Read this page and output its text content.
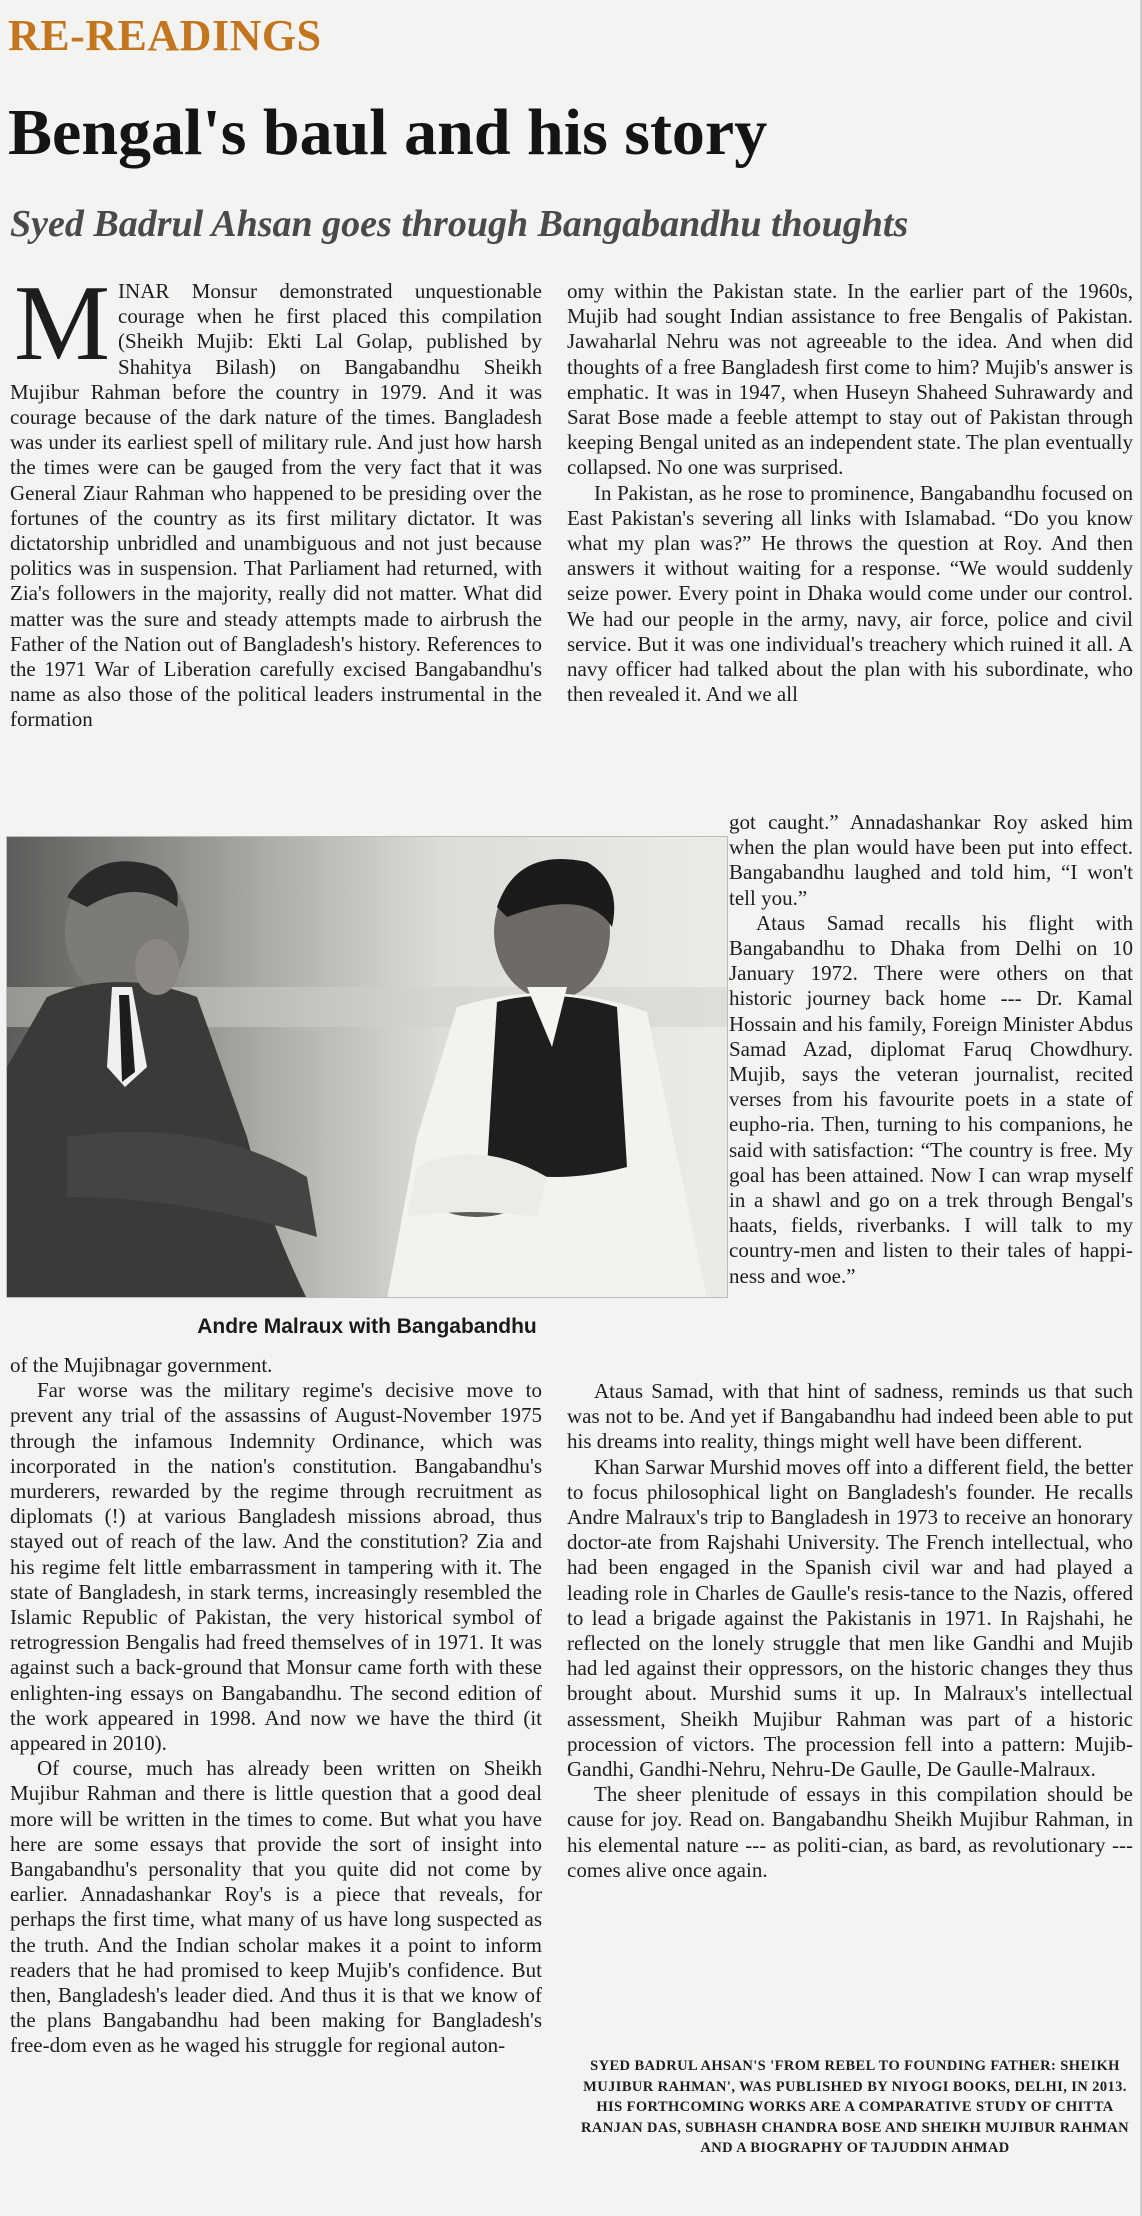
RE-READINGS
Bengal's baul and his story
Syed Badrul Ahsan goes through Bangabandhu thoughts

MINAR Monsur demonstrated unquestionable courage when he first placed this compilation (Sheikh Mujib: Ekti Lal Golap, published by Shahitya Bilash) on Bangabandhu Sheikh Mujibur Rahman before the country in 1979. And it was courage because of the dark nature of the times. Bangladesh was under its earliest spell of military rule. And just how harsh the times were can be gauged from the very fact that it was General Ziaur Rahman who happened to be presiding over the fortunes of the country as its first military dictator. It was dictatorship unbridled and unambiguous and not just because politics was in suspension. That Parliament had returned, with Zia's followers in the majority, really did not matter. What did matter was the sure and steady attempts made to airbrush the Father of the Nation out of Bangladesh's history. References to the 1971 War of Liberation carefully excised Bangabandhu's name as also those of the political leaders instrumental in the formation

omy within the Pakistan state. In the earlier part of the 1960s, Mujib had sought Indian assistance to free Bengalis of Pakistan. Jawaharlal Nehru was not agreeable to the idea. And when did thoughts of a free Bangladesh first come to him? Mujib's answer is emphatic. It was in 1947, when Huseyn Shaheed Suhrawardy and Sarat Bose made a feeble attempt to stay out of Pakistan through keeping Bengal united as an independent state. The plan eventually collapsed. No one was surprised.

In Pakistan, as he rose to prominence, Bangabandhu focused on East Pakistan's severing all links with Islamabad. “Do you know what my plan was?” He throws the question at Roy. And then answers it without waiting for a response. “We would suddenly seize power. Every point in Dhaka would come under our control. We had our people in the army, navy, air force, police and civil service. But it was one individual's treachery which ruined it all. A navy officer had talked about the plan with his subordinate, who then revealed it. And we all

Andre Malraux with Bangabandhu

got caught.” Annadashankar Roy asked him when the plan would have been put into effect. Bangabandhu laughed and told him, “I won't tell you.”

Ataus Samad recalls his flight with Bangabandhu to Dhaka from Delhi on 10 January 1972. There were others on that historic journey back home --- Dr. Kamal Hossain and his family, Foreign Minister Abdus Samad Azad, diplomat Faruq Chowdhury. Mujib, says the veteran journalist, recited verses from his favourite poets in a state of eupho-ria. Then, turning to his companions, he said with satisfaction: “The country is free. My goal has been attained. Now I can wrap myself in a shawl and go on a trek through Bengal's haats, fields, riverbanks. I will talk to my country-men and listen to their tales of happi-ness and woe.”

of the Mujibnagar government.

Far worse was the military regime's decisive move to prevent any trial of the assassins of August-November 1975 through the infamous Indemnity Ordinance, which was incorporated in the nation's constitution. Bangabandhu's murderers, rewarded by the regime through recruitment as diplomats (!) at various Bangladesh missions abroad, thus stayed out of reach of the law. And the constitution? Zia and his regime felt little embarrassment in tampering with it. The state of Bangladesh, in stark terms, increasingly resembled the Islamic Republic of Pakistan, the very historical symbol of retrogression Bengalis had freed themselves of in 1971. It was against such a back-ground that Monsur came forth with these enlighten-ing essays on Bangabandhu. The second edition of the work appeared in 1998. And now we have the third (it appeared in 2010).

Of course, much has already been written on Sheikh Mujibur Rahman and there is little question that a good deal more will be written in the times to come. But what you have here are some essays that provide the sort of insight into Bangabandhu's personality that you quite did not come by earlier. Annadashankar Roy's is a piece that reveals, for perhaps the first time, what many of us have long suspected as the truth. And the Indian scholar makes it a point to inform readers that he had promised to keep Mujib's confidence. But then, Bangladesh's leader died. And thus it is that we know of the plans Bangabandhu had been making for Bangladesh's free-dom even as he waged his struggle for regional auton-

Ataus Samad, with that hint of sadness, reminds us that such was not to be. And yet if Bangabandhu had indeed been able to put his dreams into reality, things might well have been different.

Khan Sarwar Murshid moves off into a different field, the better to focus philosophical light on Bangladesh's founder. He recalls Andre Malraux's trip to Bangladesh in 1973 to receive an honorary doctor-ate from Rajshahi University. The French intellectual, who had been engaged in the Spanish civil war and had played a leading role in Charles de Gaulle's resis-tance to the Nazis, offered to lead a brigade against the Pakistanis in 1971. In Rajshahi, he reflected on the lonely struggle that men like Gandhi and Mujib had led against their oppressors, on the historic changes they thus brought about. Murshid sums it up. In Malraux's intellectual assessment, Sheikh Mujibur Rahman was part of a historic procession of victors. The procession fell into a pattern: Mujib-Gandhi, Gandhi-Nehru, Nehru-De Gaulle, De Gaulle-Malraux.

The sheer plenitude of essays in this compilation should be cause for joy. Read on. Bangabandhu Sheikh Mujibur Rahman, in his elemental nature --- as politi-cian, as bard, as revolutionary --- comes alive once again.

SYED BADRUL AHSAN'S 'FROM REBEL TO FOUNDING FATHER: SHEIKH MUJIBUR RAHMAN', WAS PUBLISHED BY NIYOGI BOOKS, DELHI, IN 2013. HIS FORTHCOMING WORKS ARE A COMPARATIVE STUDY OF CHITTA RANJAN DAS, SUBHASH CHANDRA BOSE AND SHEIKH MUJIBUR RAHMAN AND A BIOGRAPHY OF TAJUDDIN AHMAD
